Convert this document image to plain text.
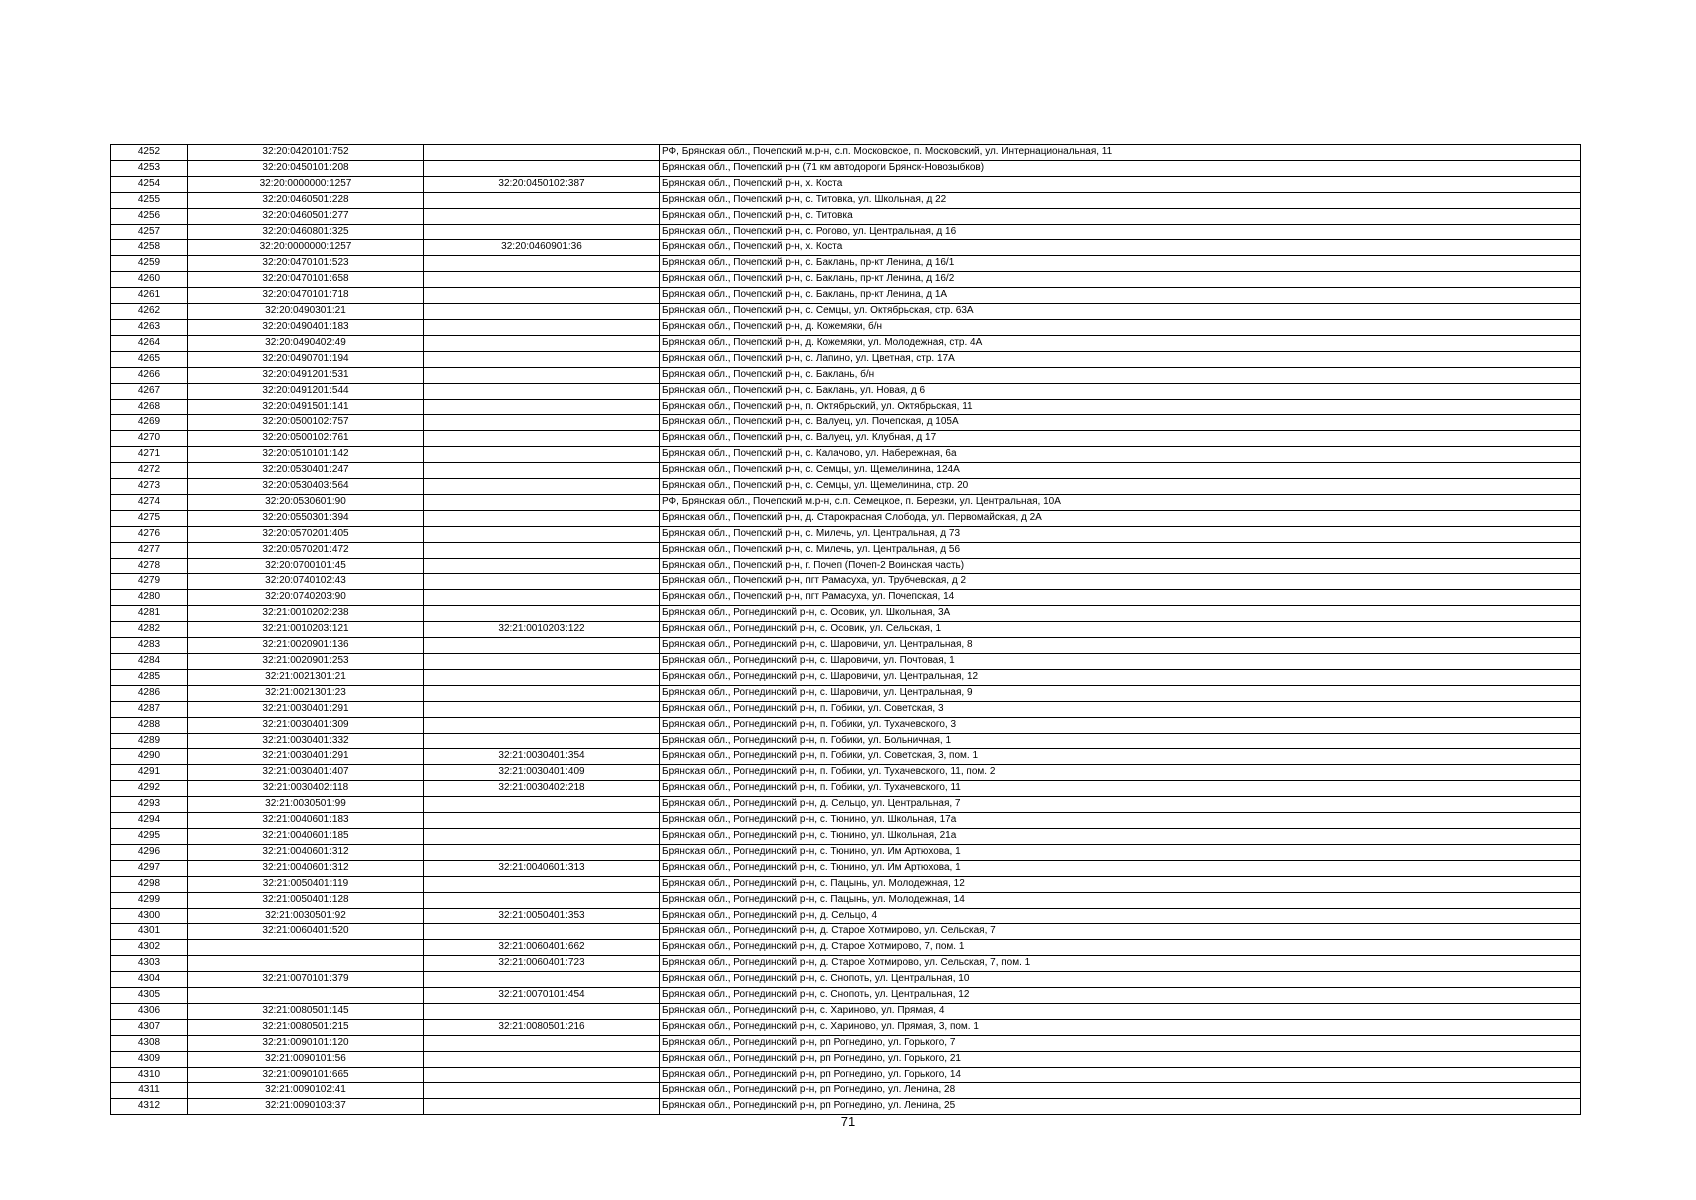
4252	32:20:0420101:752		РФ, Брянская обл., Почепский м.р-н, с.п. Московское, п. Московский, ул. Интернациональная, 11
4253	32:20:0450101:208		Брянская обл., Почепский р-н (71 км автодороги Брянск-Новозыбков)
4254	32:20:0000000:1257	32:20:0450102:387	Брянская обл., Почепский р-н, х. Коста
4255	32:20:0460501:228		Брянская обл., Почепский р-н, с. Титовка, ул. Школьная, д 22
4256	32:20:0460501:277		Брянская обл., Почепский р-н, с. Титовка
4257	32:20:0460801:325		Брянская обл., Почепский р-н, с. Рогово, ул. Центральная, д 16
4258	32:20:0000000:1257	32:20:0460901:36	Брянская обл., Почепский р-н, х. Коста
4259	32:20:0470101:523		Брянская обл., Почепский р-н, с. Баклань, пр-кт Ленина, д 16/1
4260	32:20:0470101:658		Брянская обл., Почепский р-н, с. Баклань, пр-кт Ленина, д 16/2
4261	32:20:0470101:718		Брянская обл., Почепский р-н, с. Баклань, пр-кт Ленина, д 1А
4262	32:20:0490301:21		Брянская обл., Почепский р-н, с. Семцы, ул. Октябрьская, стр. 63А
4263	32:20:0490401:183		Брянская обл., Почепский р-н, д. Кожемяки, б/н
4264	32:20:0490402:49		Брянская обл., Почепский р-н, д. Кожемяки, ул. Молодежная, стр. 4А
4265	32:20:0490701:194		Брянская обл., Почепский р-н, с. Лапино, ул. Цветная, стр. 17А
4266	32:20:0491201:531		Брянская обл., Почепский р-н, с. Баклань, б/н
4267	32:20:0491201:544		Брянская обл., Почепский р-н, с. Баклань, ул. Новая, д 6
4268	32:20:0491501:141		Брянская обл., Почепский р-н, п. Октябрьский, ул. Октябрьская, 11
4269	32:20:0500102:757		Брянская обл., Почепский р-н, с. Валуец, ул. Почепская, д 105А
4270	32:20:0500102:761		Брянская обл., Почепский р-н, с. Валуец, ул. Клубная, д 17
4271	32:20:0510101:142		Брянская обл., Почепский р-н, с. Калачово, ул. Набережная, 6а
4272	32:20:0530401:247		Брянская обл., Почепский р-н, с. Семцы, ул. Щемелинина, 124А
4273	32:20:0530403:564		Брянская обл., Почепский р-н, с. Семцы, ул. Щемелинина, стр. 20
4274	32:20:0530601:90		РФ, Брянская обл., Почепский м.р-н, с.п. Семецкое, п. Березки, ул. Центральная, 10А
4275	32:20:0550301:394		Брянская обл., Почепский р-н, д. Старокрасная Слобода, ул. Первомайская, д 2А
4276	32:20:0570201:405		Брянская обл., Почепский р-н, с. Милечь, ул. Центральная, д 73
4277	32:20:0570201:472		Брянская обл., Почепский р-н, с. Милечь, ул. Центральная, д 56
4278	32:20:0700101:45		Брянская обл., Почепский р-н, г. Почеп (Почеп-2 Воинская часть)
4279	32:20:0740102:43		Брянская обл., Почепский р-н, пгт Рамасуха, ул. Трубчевская, д 2
4280	32:20:0740203:90		Брянская обл., Почепский р-н, пгт Рамасуха, ул. Почепская, 14
4281	32:21:0010202:238		Брянская обл., Рогнединский р-н, с. Осовик, ул. Школьная, 3А
4282	32:21:0010203:121	32:21:0010203:122	Брянская обл., Рогнединский р-н, с. Осовик, ул. Сельская, 1
4283	32:21:0020901:136		Брянская обл., Рогнединский р-н, с. Шаровичи, ул. Центральная, 8
4284	32:21:0020901:253		Брянская обл., Рогнединский р-н, с. Шаровичи, ул. Почтовая, 1
4285	32:21:0021301:21		Брянская обл., Рогнединский р-н, с. Шаровичи, ул. Центральная, 12
4286	32:21:0021301:23		Брянская обл., Рогнединский р-н, с. Шаровичи, ул. Центральная, 9
4287	32:21:0030401:291		Брянская обл., Рогнединский р-н, п. Гобики, ул. Советская, 3
4288	32:21:0030401:309		Брянская обл., Рогнединский р-н, п. Гобики, ул. Тухачевского, 3
4289	32:21:0030401:332		Брянская обл., Рогнединский р-н, п. Гобики, ул. Больничная, 1
4290	32:21:0030401:291	32:21:0030401:354	Брянская обл., Рогнединский р-н, п. Гобики, ул. Советская, 3, пом. 1
4291	32:21:0030401:407	32:21:0030401:409	Брянская обл., Рогнединский р-н, п. Гобики, ул. Тухачевского, 11, пом. 2
4292	32:21:0030402:118	32:21:0030402:218	Брянская обл., Рогнединский р-н, п. Гобики, ул. Тухачевского, 11
4293	32:21:0030501:99		Брянская обл., Рогнединский р-н, д. Сельцо, ул. Центральная, 7
4294	32:21:0040601:183		Брянская обл., Рогнединский р-н, с. Тюнино, ул. Школьная, 17а
4295	32:21:0040601:185		Брянская обл., Рогнединский р-н, с. Тюнино, ул. Школьная, 21а
4296	32:21:0040601:312		Брянская обл., Рогнединский р-н, с. Тюнино, ул. Им Артюхова, 1
4297	32:21:0040601:312	32:21:0040601:313	Брянская обл., Рогнединский р-н, с. Тюнино, ул. Им Артюхова, 1
4298	32:21:0050401:119		Брянская обл., Рогнединский р-н, с. Пацынь, ул. Молодежная, 12
4299	32:21:0050401:128		Брянская обл., Рогнединский р-н, с. Пацынь, ул. Молодежная, 14
4300	32:21:0030501:92	32:21:0050401:353	Брянская обл., Рогнединский р-н, д. Сельцо, 4
4301	32:21:0060401:520		Брянская обл., Рогнединский р-н, д. Старое Хотмирово, ул. Сельская, 7
4302		32:21:0060401:662	Брянская обл., Рогнединский р-н, д. Старое Хотмирово, 7, пом. 1
4303		32:21:0060401:723	Брянская обл., Рогнединский р-н, д. Старое Хотмирово, ул. Сельская, 7, пом. 1
4304	32:21:0070101:379		Брянская обл., Рогнединский р-н, с. Снопоть, ул. Центральная, 10
4305		32:21:0070101:454	Брянская обл., Рогнединский р-н, с. Снопоть, ул. Центральная, 12
4306	32:21:0080501:145		Брянская обл., Рогнединский р-н, с. Хариново, ул. Прямая, 4
4307	32:21:0080501:215	32:21:0080501:216	Брянская обл., Рогнединский р-н, с. Хариново, ул. Прямая, 3, пом. 1
4308	32:21:0090101:120		Брянская обл., Рогнединский р-н, рп Рогнедино, ул. Горького, 7
4309	32:21:0090101:56		Брянская обл., Рогнединский р-н, рп Рогнедино, ул. Горького, 21
4310	32:21:0090101:665		Брянская обл., Рогнединский р-н, рп Рогнедино, ул. Горького, 14
4311	32:21:0090102:41		Брянская обл., Рогнединский р-н, рп Рогнедино, ул. Ленина, 28
4312	32:21:0090103:37		Брянская обл., Рогнединский р-н, рп Рогнедино, ул. Ленина, 25
71
